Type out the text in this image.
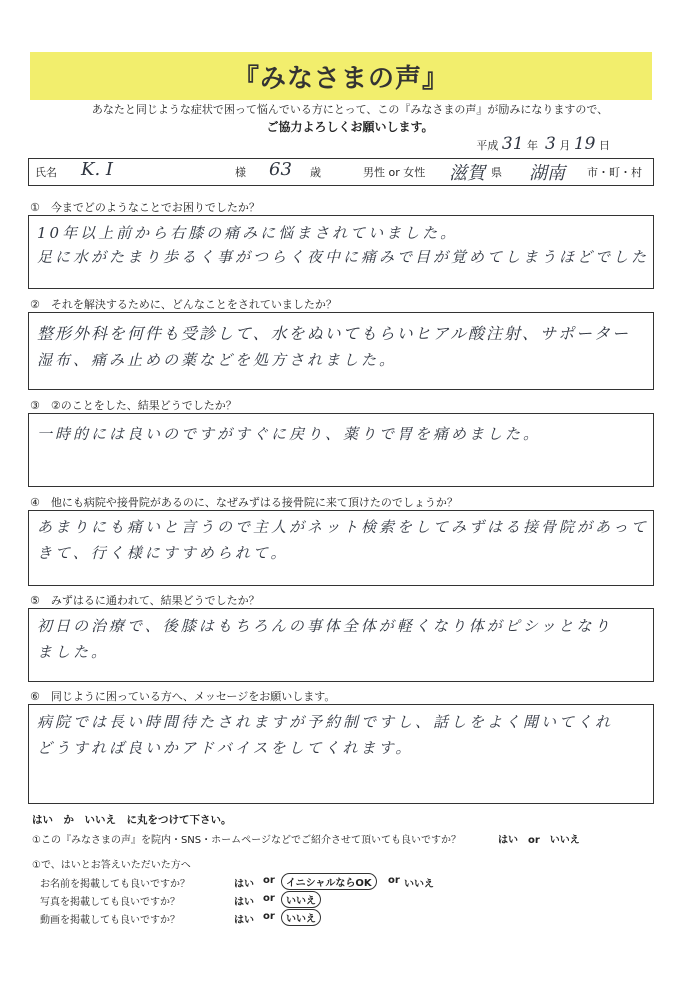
『みなさまの声』
あなたと同じような症状で困って悩んでいる方にとって、この『みなさまの声』が励みになりますので、
ご協力よろしくお願いします。
平成 31 年 3 月 19 日
氏名 K. I	様 63 歳	男性 or 女性 滋賀 県 湖南 市・町・村
①　今までどのようなことでお困りでしたか？
10年以上前から右膝の痛みに悩まされていました。
足に水がたまり歩るく事がつらく夜中に痛みで目が覚めてしまうほどでした
②　それを解決するために、どんなことをされていましたか？
整形外科を何件も受診して、水をぬいてもらいヒアル酸注射、サポーター
湿布、痛み止めの薬などを処方されました。
③　②のことをした、結果どうでしたか？
一時的には良いのですがすぐに戻り、薬りで胃を痛めました。
④　他にも病院や接骨院があるのに、なぜみずはる接骨院に来て頂けたのでしょうか？
あまりにも痛いと言うので主人がネット検索をしてみずはる接骨院があって
きて、行く様にすすめられて。
⑤　みずはるに通われて、結果どうでしたか？
初日の治療で、後膝はもちろんの事体全体が軽くなり体がピシッとなり
ました。
⑥　同じように困っている方へ、メッセージをお願いします。
病院では長い時間待たされますが予約制ですし、話しをよく聞いてくれ
どうすれば良いかアドバイスをしてくれます。
はい　か　いいえ　に丸をつけて下さい。
①この『みなさまの声』を院内・SNS・ホームページなどでご紹介させて頂いても良いですか？	はい　or　いいえ
①で、はいとお答えいただいた方へ
お名前を掲載しても良いですか？	はい or	イニシャルならOK	or いいえ
写真を掲載しても良いですか？	はい or	いいえ
動画を掲載しても良いですか？	はい or	いいえ
